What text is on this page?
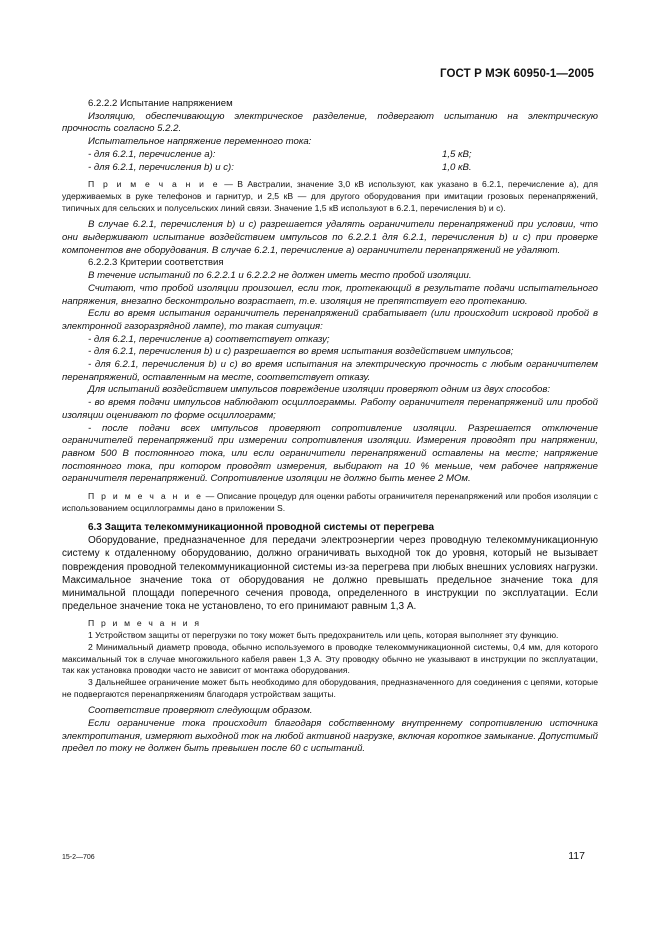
ГОСТ Р МЭК 60950-1—2005

6.2.2.2 Испытание напряжением

Изоляцию, обеспечивающую электрическое разделение, подвергают испытанию на электрическую прочность согласно 5.2.2.

Испытательное напряжение переменного тока:

- для 6.2.1, перечисление а):	1,5 кВ;
- для 6.2.1, перечисления b) и с):	1,0 кВ.

П р и м е ч а н и е — В Австралии, значение 3,0 кВ используют, как указано в 6.2.1, перечисление а), для удерживаемых в руке телефонов и гарнитур, и 2,5 кВ — для другого оборудования при имитации грозовых перенапряжений, типичных для сельских и полусельских линий связи. Значение 1,5 кВ используют в 6.2.1, перечисления b) и с).

В случае 6.2.1, перечисления b) и с) разрешается удалять ограничители перенапряжений при условии, что они выдерживают испытание воздействием импульсов по 6.2.2.1 для 6.2.1, перечисления b) и с) при проверке компонентов вне оборудования. В случае 6.2.1, перечисление а) ограничители перенапряжений не удаляют.

6.2.2.3 Критерии соответствия

В течение испытаний по 6.2.2.1 и 6.2.2.2 не должен иметь место пробой изоляции.

Считают, что пробой изоляции произошел, если ток, протекающий в результате подачи испытательного напряжения, внезапно бесконтрольно возрастает, т.е. изоляция не препятствует его протеканию.

Если во время испытания ограничитель перенапряжений срабатывает (или происходит искровой пробой в электронной газоразрядной лампе), то такая ситуация:

- для 6.2.1, перечисление а) соответствует отказу;

- для 6.2.1, перечисления b) и с) разрешается во время испытания воздействием импульсов;

- для 6.2.1, перечисления b) и с) во время испытания на электрическую прочность с любым ограничителем перенапряжений, оставленным на месте, соответствует отказу.

Для испытаний воздействием импульсов повреждение изоляции проверяют одним из двух способов:

- во время подачи импульсов наблюдают осциллограммы. Работу ограничителя перенапряжений или пробой изоляции оценивают по форме осциллограмм;

- после подачи всех импульсов проверяют сопротивление изоляции. Разрешается отключение ограничителей перенапряжений при измерении сопротивления изоляции. Измерения проводят при напряжении, равном 500 В постоянного тока, или если ограничители перенапряжений оставлены на месте; напряжение постоянного тока, при котором проводят измерения, выбирают на 10 % меньше, чем рабочее напряжение ограничителя перенапряжений. Сопротивление изоляции не должно быть менее 2 МОм.

П р и м е ч а н и е — Описание процедур для оценки работы ограничителя перенапряжений или пробоя изоляции с использованием осциллограммы дано в приложении S.

6.3 Защита телекоммуникационной проводной системы от перегрева

Оборудование, предназначенное для передачи электроэнергии через проводную телекоммуникационную систему к отдаленному оборудованию, должно ограничивать выходной ток до уровня, который не вызывает повреждения проводной телекоммуникационной системы из-за перегрева при любых внешних условиях нагрузки. Максимальное значение тока от оборудования не должно превышать предельное значение тока для минимальной площади поперечного сечения провода, определенного в инструкции по эксплуатации. Если предельное значение тока не установлено, то его принимают равным 1,3 А.

П р и м е ч а н и я

1 Устройством защиты от перегрузки по току может быть предохранитель или цепь, которая выполняет эту функцию.

2 Минимальный диаметр провода, обычно используемого в проводке телекоммуникационной системы, 0,4 мм, для которого максимальный ток в случае многожильного кабеля равен 1,3 А. Эту проводку обычно не указывают в инструкции по эксплуатации, так как установка проводки часто не зависит от монтажа оборудования.

3 Дальнейшее ограничение может быть необходимо для оборудования, предназначенного для соединения с цепями, которые не подвергаются перенапряжениям благодаря устройствам защиты.

Соответствие проверяют следующим образом.

Если ограничение тока происходит благодаря собственному внутреннему сопротивлению источника электропитания, измеряют выходной ток на любой активной нагрузке, включая короткое замыкание. Допустимый предел по току не должен быть превышен после 60 с испытаний.

15-2—706	117
